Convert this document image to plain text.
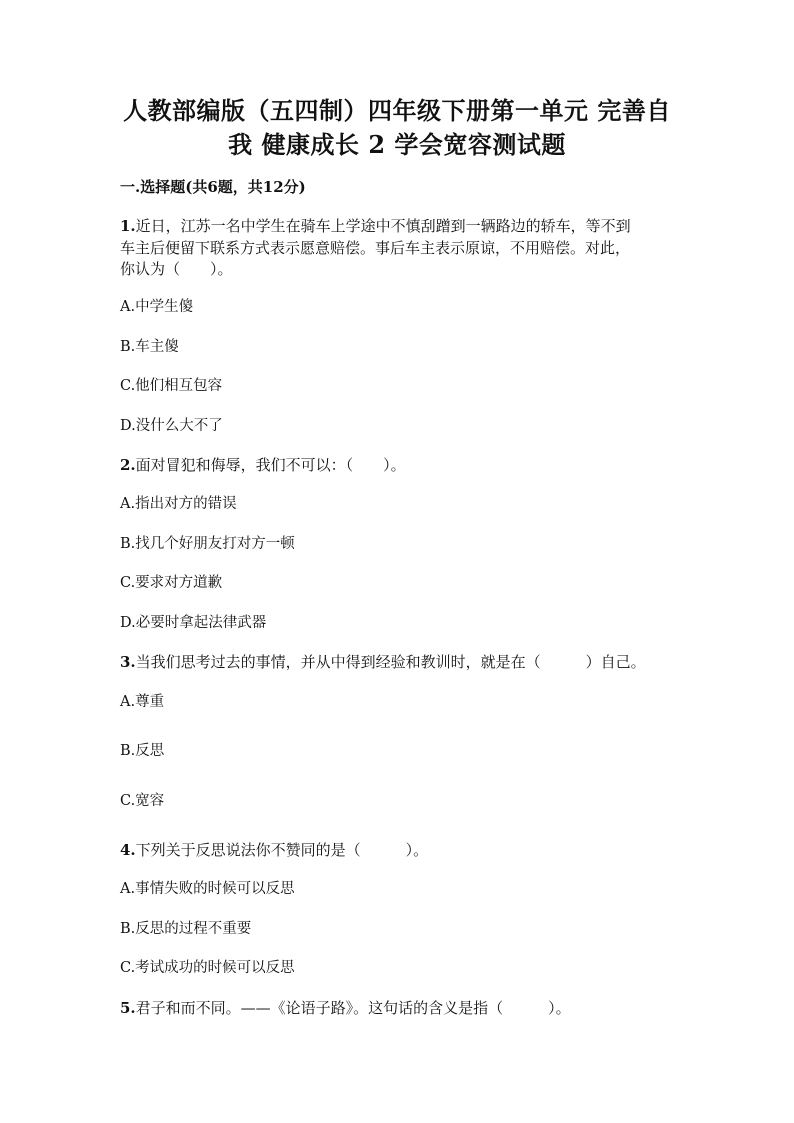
人教部编版（五四制）四年级下册第一单元 完善自
我 健康成长 2 学会宽容测试题
一.选择题(共6题，共12分)
1.近日，江苏一名中学生在骑车上学途中不慎刮蹭到一辆路边的轿车，等不到
车主后便留下联系方式表示愿意赔偿。事后车主表示原谅，不用赔偿。对此，
你认为（　　）。
A.中学生傻
B.车主傻
C.他们相互包容
D.没什么大不了
2.面对冒犯和侮辱，我们不可以：（　　）。
A.指出对方的错误
B.找几个好朋友打对方一顿
C.要求对方道歉
D.必要时拿起法律武器
3.当我们思考过去的事情，并从中得到经验和教训时，就是在（　　　）自己。
A.尊重
B.反思
C.宽容
4.下列关于反思说法你不赞同的是（　　　）。
A.事情失败的时候可以反思
B.反思的过程不重要
C.考试成功的时候可以反思
5.君子和而不同。——《论语子路》。这句话的含义是指（　　　）。
